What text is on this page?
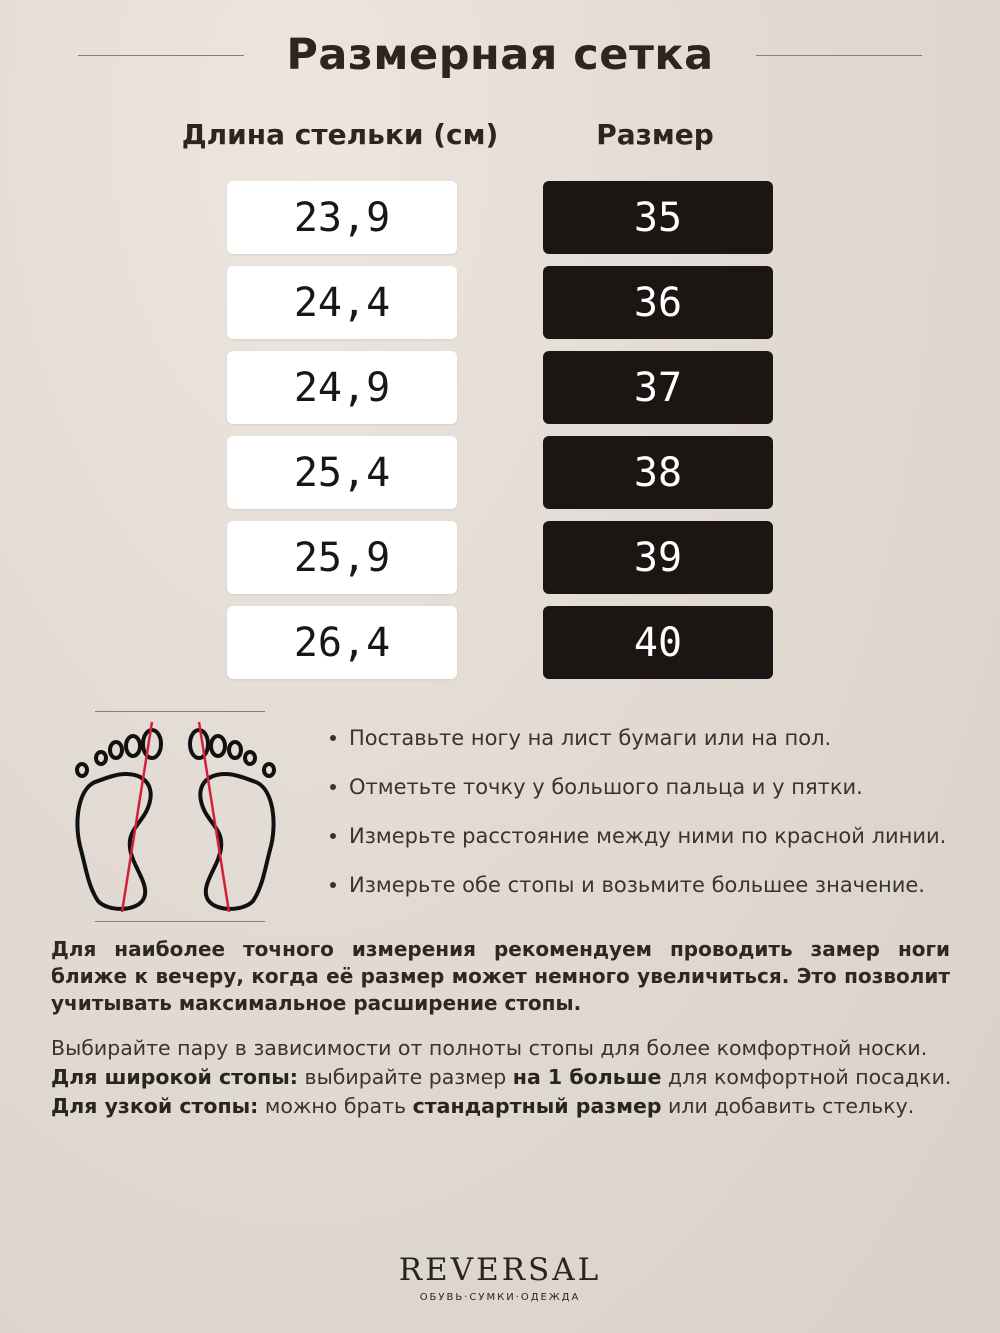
Размерная сетка
Длина стельки (см)	Размер
23,9	35
24,4	36
24,9	37
25,4	38
25,9	39
26,4	40
Поставьте ногу на лист бумаги или на пол.
Отметьте точку у большого пальца и у пятки.
Измерьте расстояние между ними по красной линии.
Измерьте обе стопы и возьмите большее значение.
Для наиболее точного измерения рекомендуем проводить замер ноги ближе к вечеру, когда её размер может немного увеличиться. Это позволит учитывать максимальное расширение стопы.
Выбирайте пару в зависимости от полноты стопы для более комфортной носки.
Для широкой стопы: выбирайте размер на 1 больше для комфортной посадки.
Для узкой стопы: можно брать стандартный размер или добавить стельку.
REVERSAL
ОБУВЬ·СУМКИ·ОДЕЖДА
